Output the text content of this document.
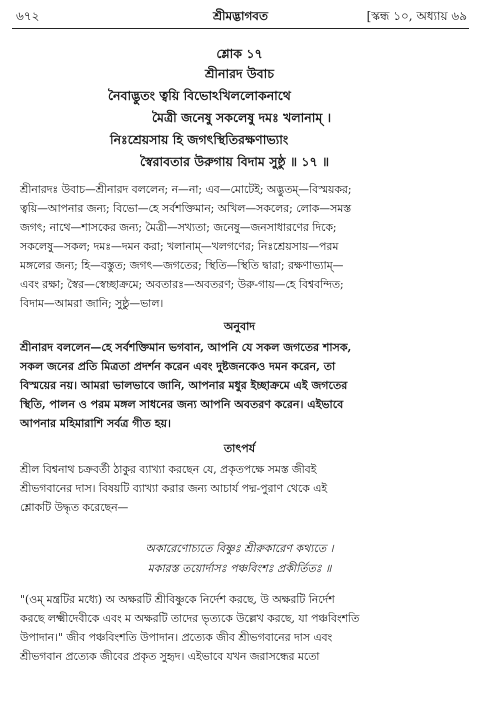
৬৭২	শ্রীমদ্ভাগবত	[স্কন্ধ ১০, অধ্যায় ৬৯
শ্লোক ১৭
শ্রীনারদ উবাচ
নৈবাদ্ভুতং ত্বয়ি বিভোঽখিললোকনাথে
মৈত্রী জনেষু সকলেষু দমঃ খলানাম্ ।
নিঃশ্রেয়সায় হি জগৎস্থিতিরক্ষণাভ্যাং
স্বৈরাবতার উরুগায় বিদাম সুষ্ঠু ॥ ১৭ ॥
শ্রীনারদঃ উবাচ—শ্রীনারদ বললেন; ন—না; এব—মোটেই; অদ্ভুতম্—বিস্ময়কর;
ত্বয়ি—আপনার জন্য; বিভো—হে সর্বশক্তিমান; অখিল—সকলের; লোক—সমস্ত
জগৎ; নাথে—শাসকের জন্য; মৈত্রী—সখ্যতা; জনেষু—জনসাধারণের দিকে;
সকলেষু—সকল; দমঃ—দমন করা; খলানাম্—খলগণের; নিঃশ্রেয়সায়—পরম
মঙ্গলের জন্য; হি—বস্তুত; জগৎ—জগতের; স্থিতি—স্থিতি দ্বারা; রক্ষণাভ্যাম্—
এবং রক্ষা; স্বৈর—স্বেচ্ছাক্রমে; অবতারঃ—অবতরণ; উরু-গায়—হে বিশ্ববন্দিত;
বিদাম—আমরা জানি; সুষ্ঠু—ভাল।
অনুবাদ
শ্রীনারদ বললেন—হে সর্বশক্তিমান ভগবান, আপনি যে সকল জগতের শাসক,
সকল জনের প্রতি মিত্রতা প্রদর্শন করেন এবং দুষ্টজনকেও দমন করেন, তা
বিস্ময়ের নয়। আমরা ভালভাবে জানি, আপনার মধুর ইচ্ছাক্রমে এই জগতের
স্থিতি, পালন ও পরম মঙ্গল সাধনের জন্য আপনি অবতরণ করেন। এইভাবে
আপনার মহিমারাশি সর্বত্র গীত হয়।
তাৎপর্য
শ্রীল বিশ্বনাথ চক্রবর্তী ঠাকুর ব্যাখ্যা করছেন যে, প্রকৃতপক্ষে সমস্ত জীবই
শ্রীভগবানের দাস। বিষয়টি ব্যাখ্যা করার জন্য আচার্য পদ্ম-পুরাণ থেকে এই
শ্লোকটি উদ্ধৃত করেছেন—
অকারেণোচ্যতে বিষ্ণুঃ শ্রীরুকারেণ কথ্যতে ।
মকারস্ত তয়োর্দাসঃ পঞ্চবিংশঃ প্রকীর্তিতঃ ॥
"(ওম্ মন্ত্রটির মধ্যে) অ অক্ষরটি শ্রীবিষ্ণুকে নির্দেশ করছে, উ অক্ষরটি নির্দেশ
করছে লক্ষ্মীদেবীকে এবং ম অক্ষরটি তাদের ভৃত্যকে উল্লেখ করছে, যা পঞ্চবিংশতি
উপাদান।" জীব পঞ্চবিংশতি উপাদান। প্রত্যেক জীব শ্রীভগবানের দাস এবং
শ্রীভগবান প্রত্যেক জীবের প্রকৃত সুহৃদ। এইভাবে যখন জরাসন্ধের মতো
